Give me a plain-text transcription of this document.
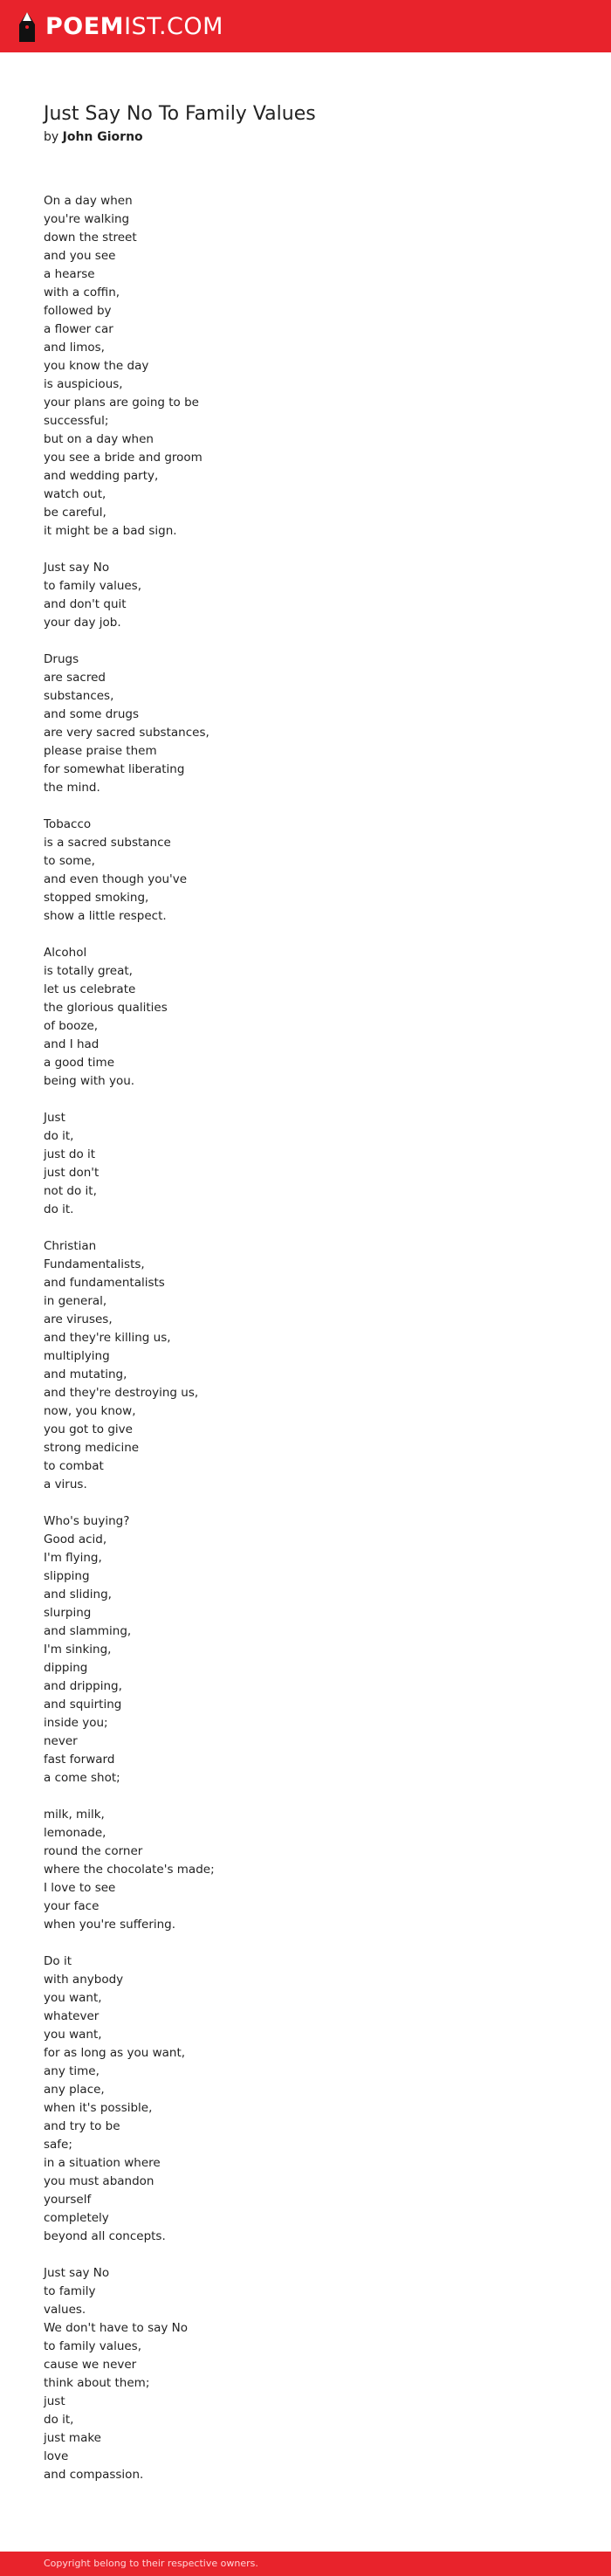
POEMIST.COM
Just Say No To Family Values
by John Giorno
On a day when
you're walking
down the street
and you see
a hearse
with a coffin,
followed by
a flower car
and limos,
you know the day
is auspicious,
your plans are going to be
successful;
but on a day when
you see a bride and groom
and wedding party,
watch out,
be careful,
it might be a bad sign.
Just say No
to family values,
and don't quit
your day job.
Drugs
are sacred
substances,
and some drugs
are very sacred substances,
please praise them
for somewhat liberating
the mind.
Tobacco
is a sacred substance
to some,
and even though you've
stopped smoking,
show a little respect.
Alcohol
is totally great,
let us celebrate
the glorious qualities
of booze,
and I had
a good time
being with you.
Just
do it,
just do it
just don't
not do it,
do it.
Christian
Fundamentalists,
and fundamentalists
in general,
are viruses,
and they're killing us,
multiplying
and mutating,
and they're destroying us,
now, you know,
you got to give
strong medicine
to combat
a virus.
Who's buying?
Good acid,
I'm flying,
slipping
and sliding,
slurping
and slamming,
I'm sinking,
dipping
and dripping,
and squirting
inside you;
never
fast forward
a come shot;
milk, milk,
lemonade,
round the corner
where the chocolate's made;
I love to see
your face
when you're suffering.
Do it
with anybody
you want,
whatever
you want,
for as long as you want,
any time,
any place,
when it's possible,
and try to be
safe;
in a situation where
you must abandon
yourself
completely
beyond all concepts.
Just say No
to family
values.
We don't have to say No
to family values,
cause we never
think about them;
just
do it,
just make
love
and compassion.
Copyright belong to their respective owners.
